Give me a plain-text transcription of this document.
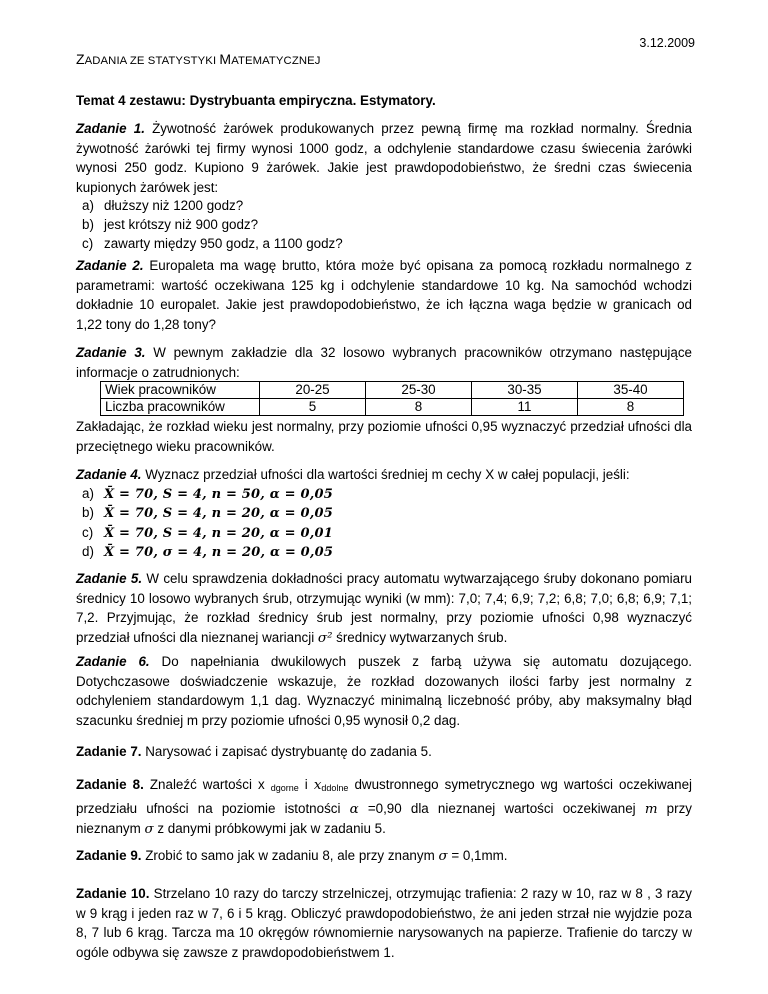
3.12.2009
ZADANIA ZE STATYSTYKI MATEMATYCZNEJ
Temat 4 zestawu: Dystrybuanta empiryczna. Estymatory.
Zadanie 1. Żywotność żarówek produkowanych przez pewną firmę ma rozkład normalny. Średnia żywotność żarówki tej firmy wynosi 1000 godz, a odchylenie standardowe czasu świecenia żarówki wynosi 250 godz. Kupiono 9 żarówek. Jakie jest prawdopodobieństwo, że średni czas świecenia kupionych żarówek jest:
a) dłuższy niż 1200 godz?
b) jest krótszy niż 900 godz?
c) zawarty między 950 godz, a 1100 godz?
Zadanie 2. Europaleta ma wagę brutto, która może być opisana za pomocą rozkładu normalnego z parametrami: wartość oczekiwana 125 kg i odchylenie standardowe 10 kg. Na samochód wchodzi dokładnie 10 europalet. Jakie jest prawdopodobieństwo, że ich łączna waga będzie w granicach od 1,22 tony do 1,28 tony?
Zadanie 3. W pewnym zakładzie dla 32 losowo wybranych pracowników otrzymano następujące informacje o zatrudnionych:
Wiek pracowników	20-25	25-30	30-35	35-40
Liczba pracowników	5	8	11	8
Zakładając, że rozkład wieku jest normalny, przy poziomie ufności 0,95 wyznaczyć przedział ufności dla przeciętnego wieku pracowników.
Zadanie 4. Wyznacz przedział ufności dla wartości średniej m cechy X w całej populacji, jeśli:
a) X̄ = 70, S = 4, n = 50, α = 0,05
b) X̄ = 70, S = 4, n = 20, α = 0,05
c) X̄ = 70, S = 4, n = 20, α = 0,01
d) X̄ = 70, σ = 4, n = 20, α = 0,05
Zadanie 5. W celu sprawdzenia dokładności pracy automatu wytwarzającego śruby dokonano pomiaru średnicy 10 losowo wybranych śrub, otrzymując wyniki (w mm): 7,0; 7,4; 6,9; 7,2; 6,8; 7,0; 6,8; 6,9; 7,1; 7,2. Przyjmując, że rozkład średnicy śrub jest normalny, przy poziomie ufności 0,98 wyznaczyć przedział ufności dla nieznanej wariancji σ² średnicy wytwarzanych śrub.
Zadanie 6. Do napełniania dwukilowych puszek z farbą używa się automatu dozującego. Dotychczasowe doświadczenie wskazuje, że rozkład dozowanych ilości farby jest normalny z odchyleniem standardowym 1,1 dag. Wyznaczyć minimalną liczebność próby, aby maksymalny błąd szacunku średniej m przy poziomie ufności 0,95 wynosił 0,2 dag.
Zadanie 7. Narysować i zapisać dystrybuantę do zadania 5.
Zadanie 8. Znaleźć wartości x $_{dgorne}$ i $x_{ddolne}$ dwustronnego symetrycznego wg wartości oczekiwanej przedziału ufności na poziomie istotności α =0,90 dla nieznanej wartości oczekiwanej m przy nieznanym σ z danymi próbkowymi jak w zadaniu 5.
Zadanie 9. Zrobić to samo jak w zadaniu 8, ale przy znanym σ = 0,1mm.
Zadanie 10. Strzelano 10 razy do tarczy strzelniczej, otrzymując trafienia: 2 razy w 10, raz w 8 , 3 razy w 9 krąg i jeden raz w 7, 6 i 5 krąg. Obliczyć prawdopodobieństwo, że ani jeden strzał nie wyjdzie poza 8, 7 lub 6 krąg. Tarcza ma 10 okręgów równomiernie narysowanych na papierze. Trafienie do tarczy w ogóle odbywa się zawsze z prawdopodobieństwem 1.
